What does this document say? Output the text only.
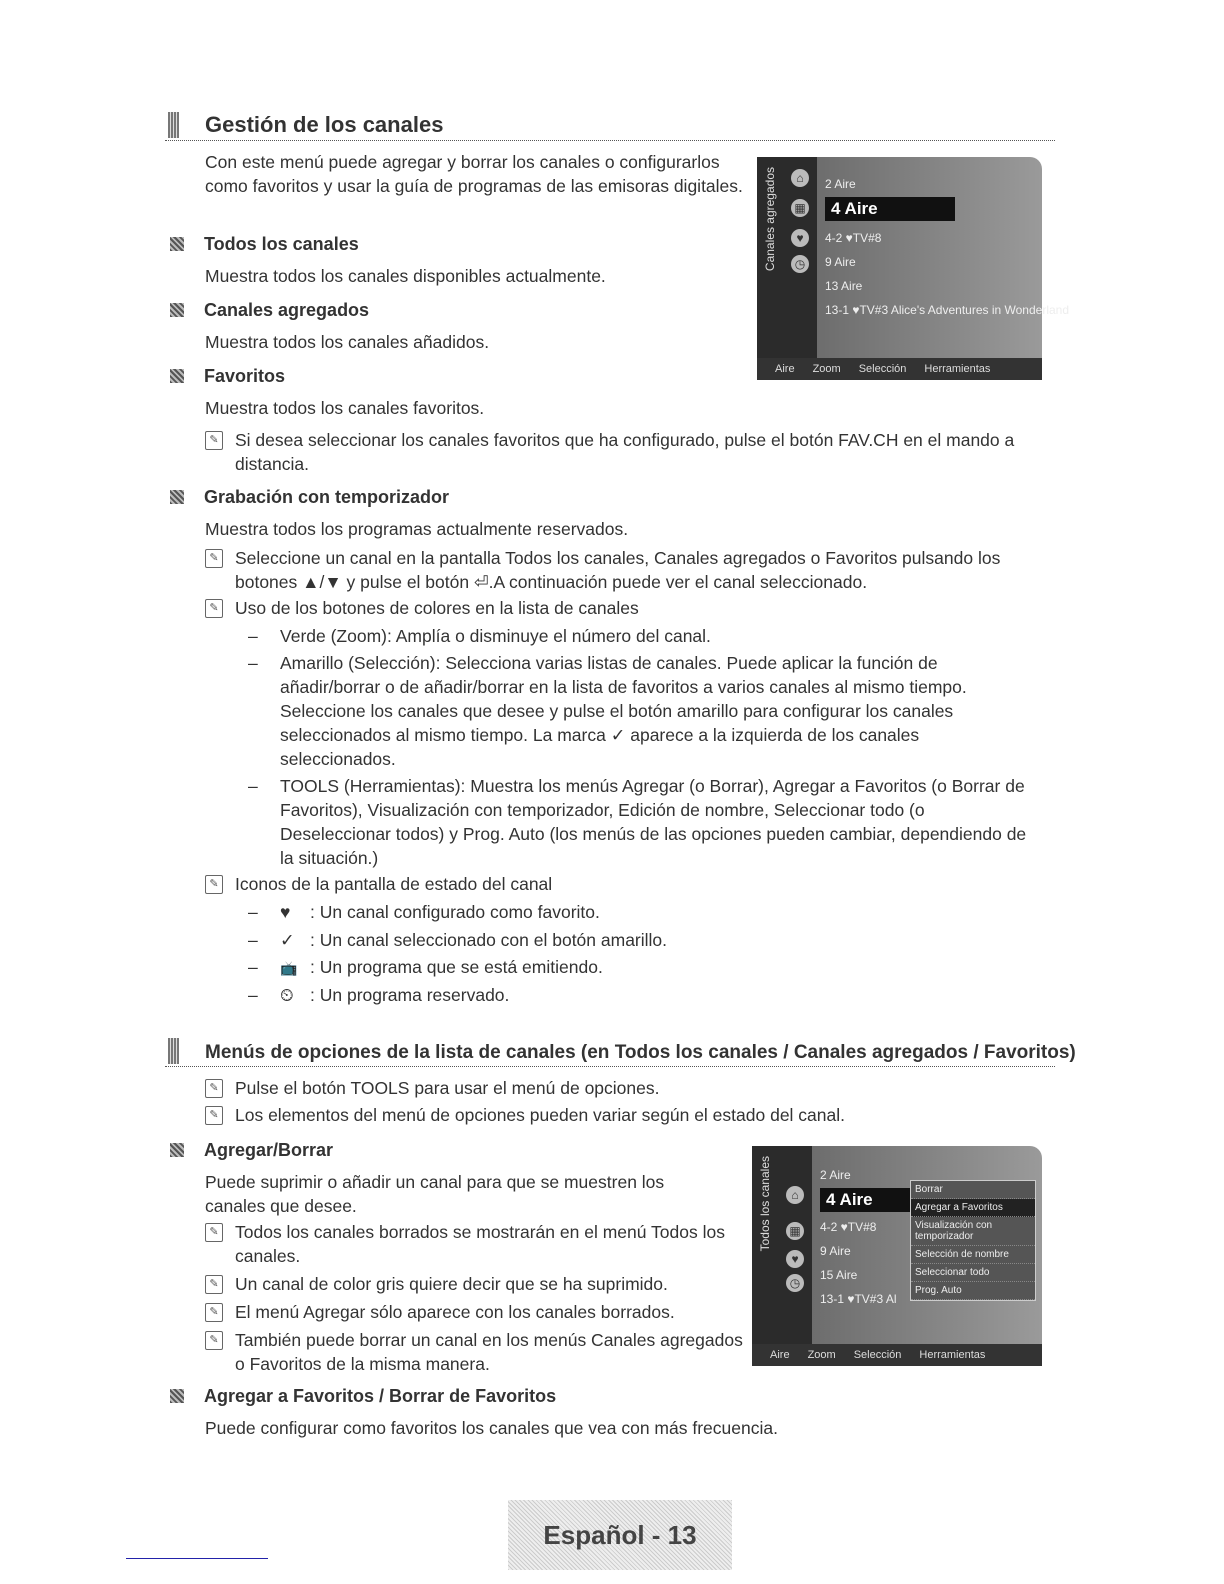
Gestión de los canales
Con este menú puede agregar y borrar los canales o configurarlos como favoritos y usar la guía de programas de las emisoras digitales.
Todos los canales
Muestra todos los canales disponibles actualmente.
Canales agregados
Muestra todos los canales añadidos.
Favoritos
Muestra todos los canales favoritos.
✎ Si desea seleccionar los canales favoritos que ha configurado, pulse el botón FAV.CH en el mando a distancia.
Grabación con temporizador
Muestra todos los programas actualmente reservados.
✎ Seleccione un canal en la pantalla Todos los canales, Canales agregados o Favoritos pulsando los botones ▲/▼ y pulse el botón ⏎.A continuación puede ver el canal seleccionado.
✎ Uso de los botones de colores en la lista de canales
– Verde (Zoom): Amplía o disminuye el número del canal.
– Amarillo (Selección): Selecciona varias listas de canales. Puede aplicar la función de añadir/borrar o de añadir/borrar en la lista de favoritos a varios canales al mismo tiempo. Seleccione los canales que desee y pulse el botón amarillo para configurar los canales seleccionados al mismo tiempo. La marca ✓ aparece a la izquierda de los canales seleccionados.
– TOOLS (Herramientas): Muestra los menús Agregar (o Borrar), Agregar a Favoritos (o Borrar de Favoritos), Visualización con temporizador, Edición de nombre, Seleccionar todo (o Deseleccionar todos) y Prog. Auto (los menús de las opciones pueden cambiar, dependiendo de la situación.)
✎ Iconos de la pantalla de estado del canal
– ♥ : Un canal configurado como favorito.
– ✓ : Un canal seleccionado con el botón amarillo.
– 📺 : Un programa que se está emitiendo.
– ⏲ : Un programa reservado.
Canales agregados	⌂
▦
♥
◷
2 Aire
4 Aire
4-2 ♥TV#8
9 Aire
13 Aire
13-1 ♥TV#3 Alice's Adventures in Wonderland
Aire Zoom Selección Herramientas
Menús de opciones de la lista de canales (en Todos los canales / Canales agregados / Favoritos)
✎ Pulse el botón TOOLS para usar el menú de opciones.
✎ Los elementos del menú de opciones pueden variar según el estado del canal.
Agregar/Borrar
Puede suprimir o añadir un canal para que se muestren los canales que desee.
✎ Todos los canales borrados se mostrarán en el menú Todos los canales.
✎ Un canal de color gris quiere decir que se ha suprimido.
✎ El menú Agregar sólo aparece con los canales borrados.
✎ También puede borrar un canal en los menús Canales agregados o Favoritos de la misma manera.
Agregar a Favoritos / Borrar de Favoritos
Puede configurar como favoritos los canales que vea con más frecuencia.
Todos los canales	⌂
▦
♥
◷
2 Aire
4 Aire
4-2 ♥TV#8
9 Aire
15 Aire
13-1 ♥TV#3 Al
Borrar
Agregar a Favoritos
Visualización con temporizador
Selección de nombre
Seleccionar todo
Prog. Auto
Aire Zoom Selección Herramientas
Español - 13
